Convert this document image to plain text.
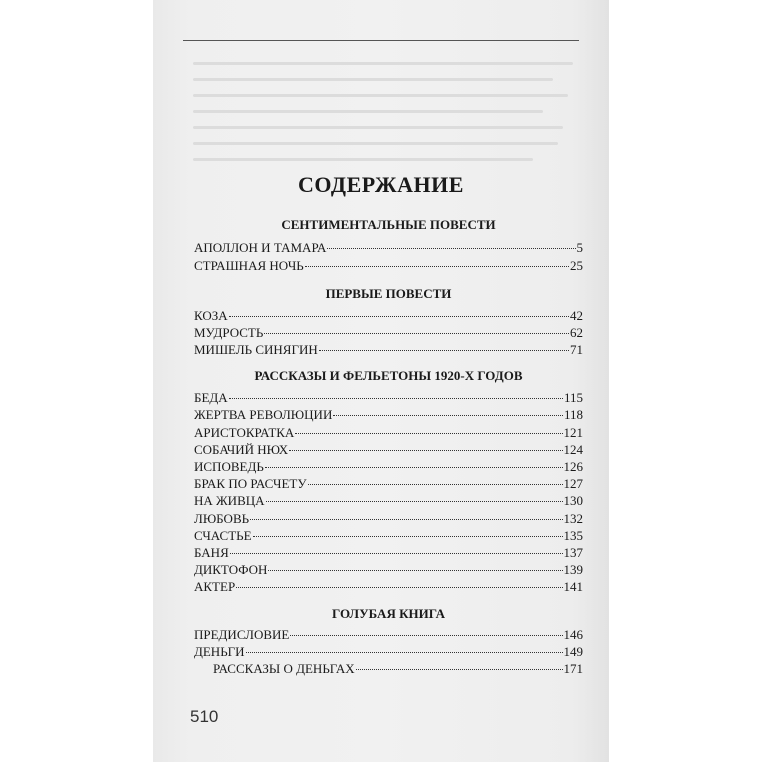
СОДЕРЖАНИЕ
СЕНТИМЕНТАЛЬНЫЕ ПОВЕСТИ
АПОЛЛОН И ТАМАРА	5
СТРАШНАЯ НОЧЬ	25
ПЕРВЫЕ ПОВЕСТИ
КОЗА	42
МУДРОСТЬ	62
МИШЕЛЬ СИНЯГИН	71
РАССКАЗЫ И ФЕЛЬЕТОНЫ 1920-Х ГОДОВ
БЕДА	115
ЖЕРТВА РЕВОЛЮЦИИ	118
АРИСТОКРАТКА	121
СОБАЧИЙ НЮХ	124
ИСПОВЕДЬ	126
БРАК ПО РАСЧЕТУ	127
НА ЖИВЦА	130
ЛЮБОВЬ	132
СЧАСТЬЕ	135
БАНЯ	137
ДИКТОФОН	139
АКТЕР	141
ГОЛУБАЯ КНИГА
ПРЕДИСЛОВИЕ	146
ДЕНЬГИ	149
РАССКАЗЫ О ДЕНЬГАХ	171
510
